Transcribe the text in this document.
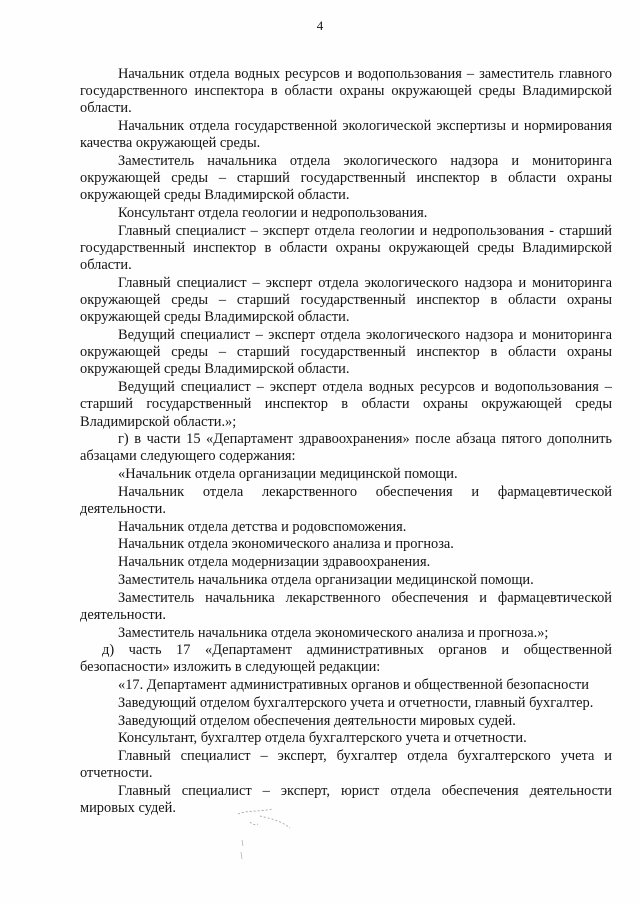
4

Начальник отдела водных ресурсов и водопользования – заместитель главного государственного инспектора в области охраны окружающей среды Владимирской области.

Начальник отдела государственной экологической экспертизы и нормирования качества окружающей среды.

Заместитель начальника отдела экологического надзора и мониторинга окружающей среды – старший государственный инспектор в области охраны окружающей среды Владимирской области.

Консультант отдела геологии и недропользования.

Главный специалист – эксперт отдела геологии и недропользования - старший государственный инспектор в области охраны окружающей среды Владимирской области.

Главный специалист – эксперт отдела экологического надзора и мониторинга окружающей среды – старший государственный инспектор в области охраны окружающей среды Владимирской области.

Ведущий специалист – эксперт отдела экологического надзора и мониторинга окружающей среды – старший государственный инспектор в области охраны окружающей среды Владимирской области.

Ведущий специалист – эксперт отдела водных ресурсов и водопользования – старший государственный инспектор в области охраны окружающей среды Владимирской области.»;

г) в части 15 «Департамент здравоохранения» после абзаца пятого дополнить абзацами следующего содержания:

«Начальник отдела организации медицинской помощи.

Начальник отдела лекарственного обеспечения и фармацевтической деятельности.

Начальник отдела детства и родовспоможения.

Начальник отдела экономического анализа и прогноза.

Начальник отдела модернизации здравоохранения.

Заместитель начальника отдела организации медицинской помощи.

Заместитель начальника лекарственного обеспечения и фармацевтической деятельности.

Заместитель начальника отдела экономического анализа и прогноза.»;

д) часть 17 «Департамент административных органов и общественной безопасности» изложить в следующей редакции:

«17. Департамент административных органов и общественной безопасности

Заведующий отделом бухгалтерского учета и отчетности, главный бухгалтер.

Заведующий отделом обеспечения деятельности мировых судей.

Консультант, бухгалтер отдела бухгалтерского учета и отчетности.

Главный специалист – эксперт, бухгалтер отдела бухгалтерского учета и отчетности.

Главный специалист – эксперт, юрист отдела обеспечения деятельности мировых судей.
